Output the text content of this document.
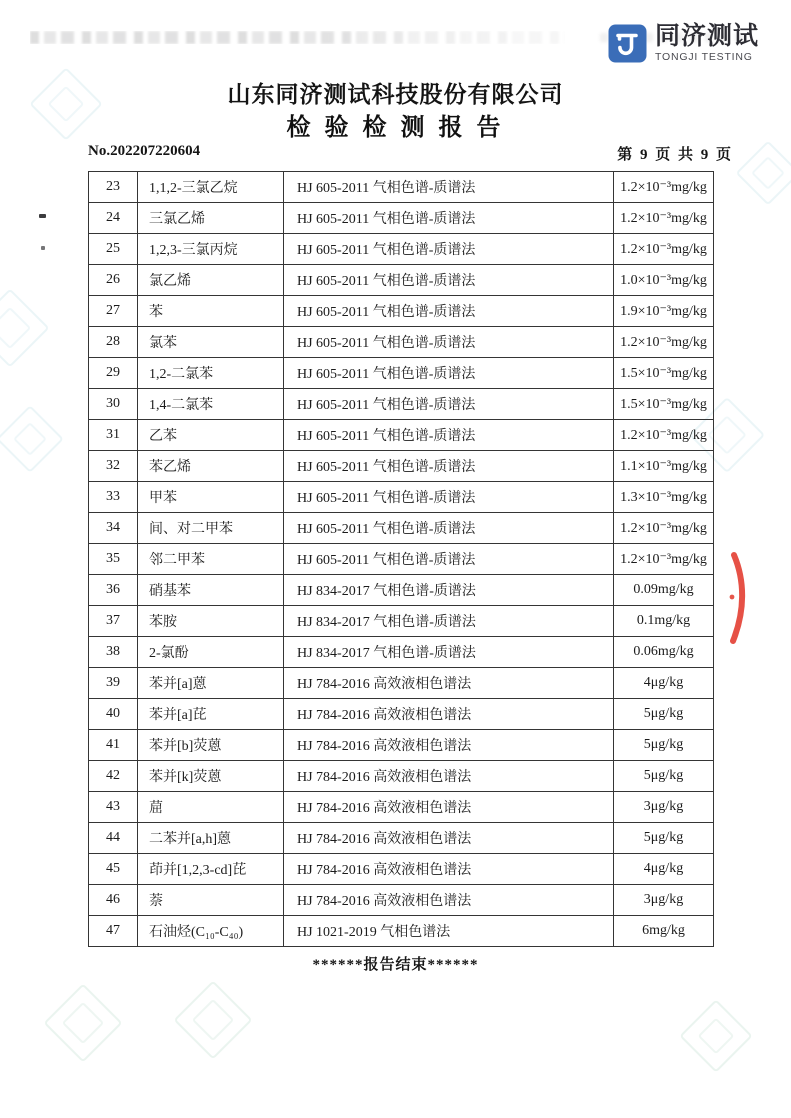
同济测试
TONGJI TESTING
山东同济测试科技股份有限公司
检 验 检 测 报 告
No.202207220604	第 9 页 共 9 页
23	1,1,2-三氯乙烷	HJ 605-2011 气相色谱-质谱法	1.2×10⁻³mg/kg
24	三氯乙烯	HJ 605-2011 气相色谱-质谱法	1.2×10⁻³mg/kg
25	1,2,3-三氯丙烷	HJ 605-2011 气相色谱-质谱法	1.2×10⁻³mg/kg
26	氯乙烯	HJ 605-2011 气相色谱-质谱法	1.0×10⁻³mg/kg
27	苯	HJ 605-2011 气相色谱-质谱法	1.9×10⁻³mg/kg
28	氯苯	HJ 605-2011 气相色谱-质谱法	1.2×10⁻³mg/kg
29	1,2-二氯苯	HJ 605-2011 气相色谱-质谱法	1.5×10⁻³mg/kg
30	1,4-二氯苯	HJ 605-2011 气相色谱-质谱法	1.5×10⁻³mg/kg
31	乙苯	HJ 605-2011 气相色谱-质谱法	1.2×10⁻³mg/kg
32	苯乙烯	HJ 605-2011 气相色谱-质谱法	1.1×10⁻³mg/kg
33	甲苯	HJ 605-2011 气相色谱-质谱法	1.3×10⁻³mg/kg
34	间、对二甲苯	HJ 605-2011 气相色谱-质谱法	1.2×10⁻³mg/kg
35	邻二甲苯	HJ 605-2011 气相色谱-质谱法	1.2×10⁻³mg/kg
36	硝基苯	HJ 834-2017 气相色谱-质谱法	0.09mg/kg
37	苯胺	HJ 834-2017 气相色谱-质谱法	0.1mg/kg
38	2-氯酚	HJ 834-2017 气相色谱-质谱法	0.06mg/kg
39	苯并[a]蒽	HJ 784-2016 高效液相色谱法	4μg/kg
40	苯并[a]芘	HJ 784-2016 高效液相色谱法	5μg/kg
41	苯并[b]荧蒽	HJ 784-2016 高效液相色谱法	5μg/kg
42	苯并[k]荧蒽	HJ 784-2016 高效液相色谱法	5μg/kg
43	䓛	HJ 784-2016 高效液相色谱法	3μg/kg
44	二苯并[a,h]蒽	HJ 784-2016 高效液相色谱法	5μg/kg
45	茚并[1,2,3-cd]芘	HJ 784-2016 高效液相色谱法	4μg/kg
46	萘	HJ 784-2016 高效液相色谱法	3μg/kg
47	石油烃(C₁₀-C₄₀)	HJ 1021-2019 气相色谱法	6mg/kg
******报告结束******
